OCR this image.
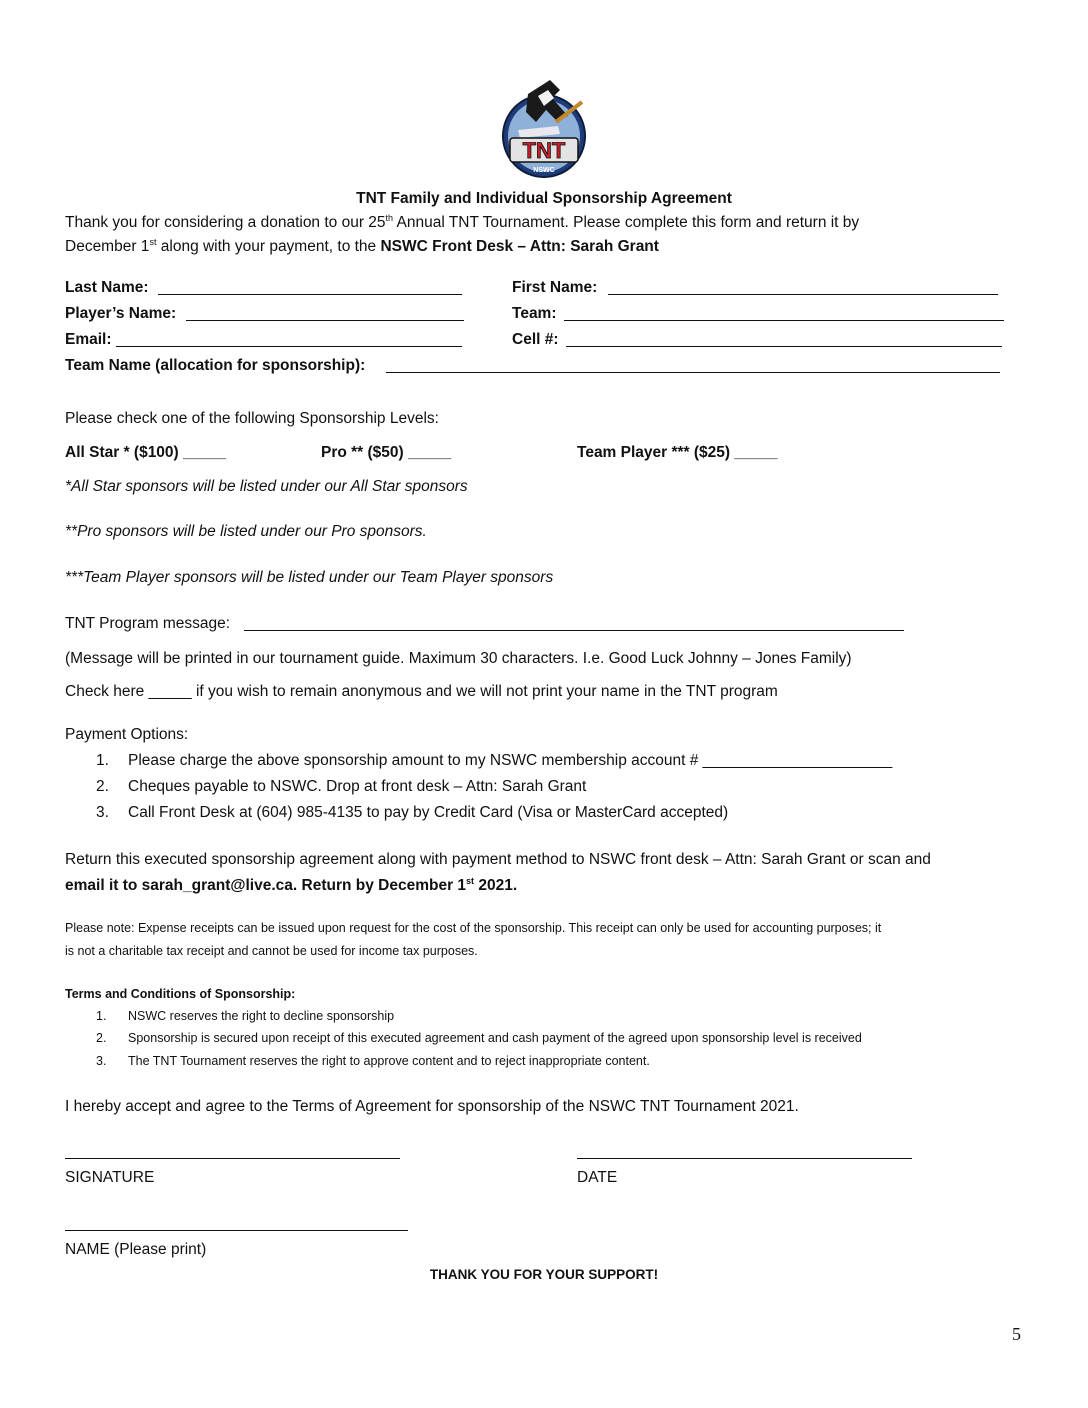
TNT
NSWC
TNT Family and Individual Sponsorship Agreement
Thank you for considering a donation to our 25th Annual TNT Tournament. Please complete this form and return it by
December 1st along with your payment, to the NSWC Front Desk – Attn: Sarah Grant
Last Name:	First Name:
Player’s Name:	Team:
Email:	Cell #:
Team Name (allocation for sponsorship):
Please check one of the following Sponsorship Levels:
All Star * ($100) _____	Pro ** ($50) _____	Team Player *** ($25) _____
*All Star sponsors will be listed under our All Star sponsors
**Pro sponsors will be listed under our Pro sponsors.
***Team Player sponsors will be listed under our Team Player sponsors
TNT Program message:
(Message will be printed in our tournament guide. Maximum 30 characters. I.e. Good Luck Johnny – Jones Family)
Check here _____ if you wish to remain anonymous and we will not print your name in the TNT program
Payment Options:
1. Please charge the above sponsorship amount to my NSWC membership account # ______________________
2. Cheques payable to NSWC. Drop at front desk – Attn: Sarah Grant
3. Call Front Desk at (604) 985-4135 to pay by Credit Card (Visa or MasterCard accepted)
Return this executed sponsorship agreement along with payment method to NSWC front desk – Attn: Sarah Grant or scan and
email it to sarah_grant@live.ca. Return by December 1st 2021.
Please note: Expense receipts can be issued upon request for the cost of the sponsorship. This receipt can only be used for accounting purposes; it
is not a charitable tax receipt and cannot be used for income tax purposes.
Terms and Conditions of Sponsorship:
1. NSWC reserves the right to decline sponsorship
2. Sponsorship is secured upon receipt of this executed agreement and cash payment of the agreed upon sponsorship level is received
3. The TNT Tournament reserves the right to approve content and to reject inappropriate content.
I hereby accept and agree to the Terms of Agreement for sponsorship of the NSWC TNT Tournament 2021.
SIGNATURE	DATE
NAME (Please print)
THANK YOU FOR YOUR SUPPORT!
5
